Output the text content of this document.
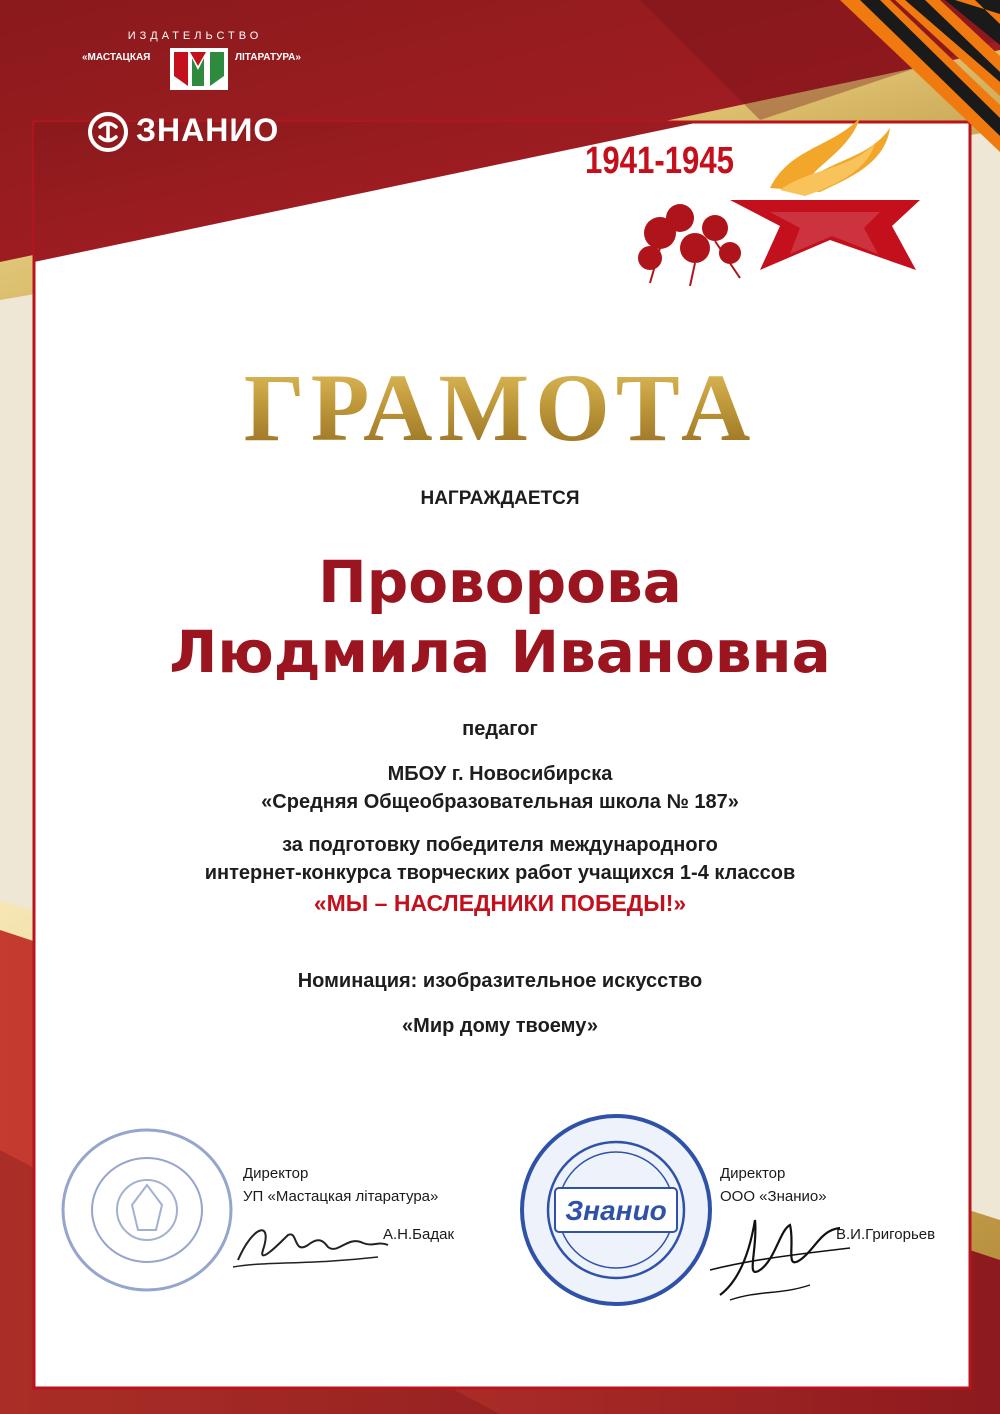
ИЗДАТЕЛЬСТВО
«МАСТАЦКАЯ	ЛІТАРАТУРА»
ЗНАНИО
1941-1945
ГРАМОТА
НАГРАЖДАЕТСЯ
Проворова
Людмила Ивановна
педагог
МБОУ г. Новосибирска
«Средняя Общеобразовательная школа № 187»
за подготовку победителя международного
интернет-конкурса творческих работ учащихся 1-4 классов
«МЫ – НАСЛЕДНИКИ ПОБЕДЫ!»
Номинация: изобразительное искусство
«Мир дому твоему»
Директор
УП «Мастацкая літаратура»
А.Н.Бадак
Знанио
Директор
ООО «Знанио»
В.И.Григорьев
